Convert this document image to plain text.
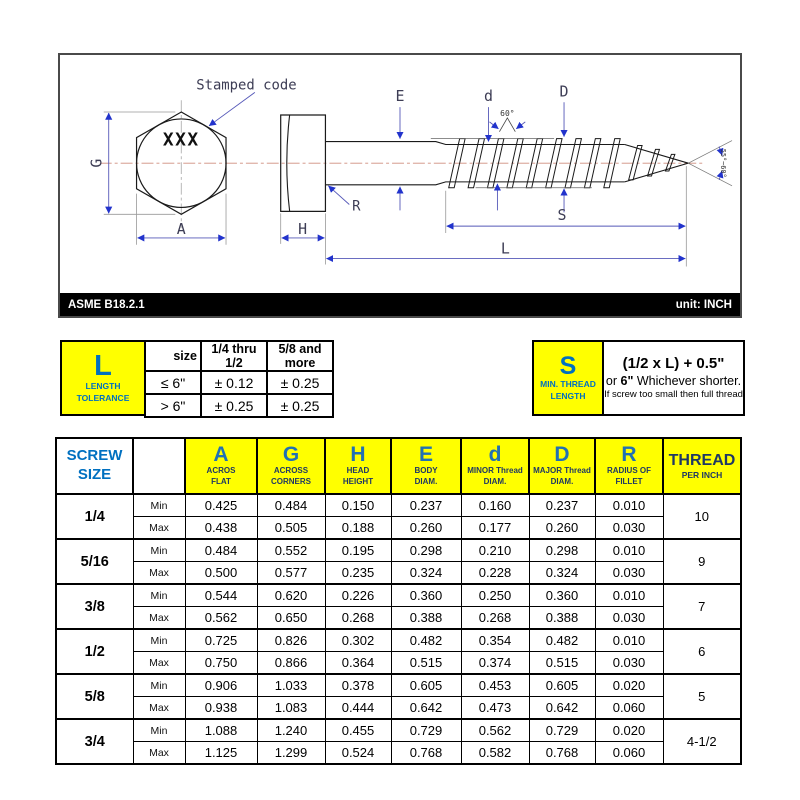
XXX
Stamped code
G
A	H
R
E	d	D
S
L
60°
55°~60°
ASME B18.2.1	unit: INCH
L
LENGTH
TOLERANCE
size	1/4 thru 1/2	5/8 and more
≤ 6"	± 0.12	± 0.25
> 6"	± 0.25	± 0.25
S
MIN. THREAD
LENGTH
(1/2 x L) + 0.5"
or 6" Whichever shorter.
If screw too small then full thread
SCREW
SIZE

A
ACROS
FLAT

G
ACROSS
CORNERS

H
HEAD
HEIGHT

E
BODY
DIAM.

d
MINOR Thread
DIAM.

D
MAJOR Thread
DIAM.

R
RADIUS OF
FILLET

THREAD
PER INCH

1/4	Min	0.425	0.484	0.150	0.237	0.160	0.237	0.010	10
	Max	0.438	0.505	0.188	0.260	0.177	0.260	0.030	
5/16	Min	0.484	0.552	0.195	0.298	0.210	0.298	0.010	9
	Max	0.500	0.577	0.235	0.324	0.228	0.324	0.030	
3/8	Min	0.544	0.620	0.226	0.360	0.250	0.360	0.010	7
	Max	0.562	0.650	0.268	0.388	0.268	0.388	0.030	
1/2	Min	0.725	0.826	0.302	0.482	0.354	0.482	0.010	6
	Max	0.750	0.866	0.364	0.515	0.374	0.515	0.030	
5/8	Min	0.906	1.033	0.378	0.605	0.453	0.605	0.020	5
	Max	0.938	1.083	0.444	0.642	0.473	0.642	0.060	
3/4	Min	1.088	1.240	0.455	0.729	0.562	0.729	0.020	4-1/2
	Max	1.125	1.299	0.524	0.768	0.582	0.768	0.060	
